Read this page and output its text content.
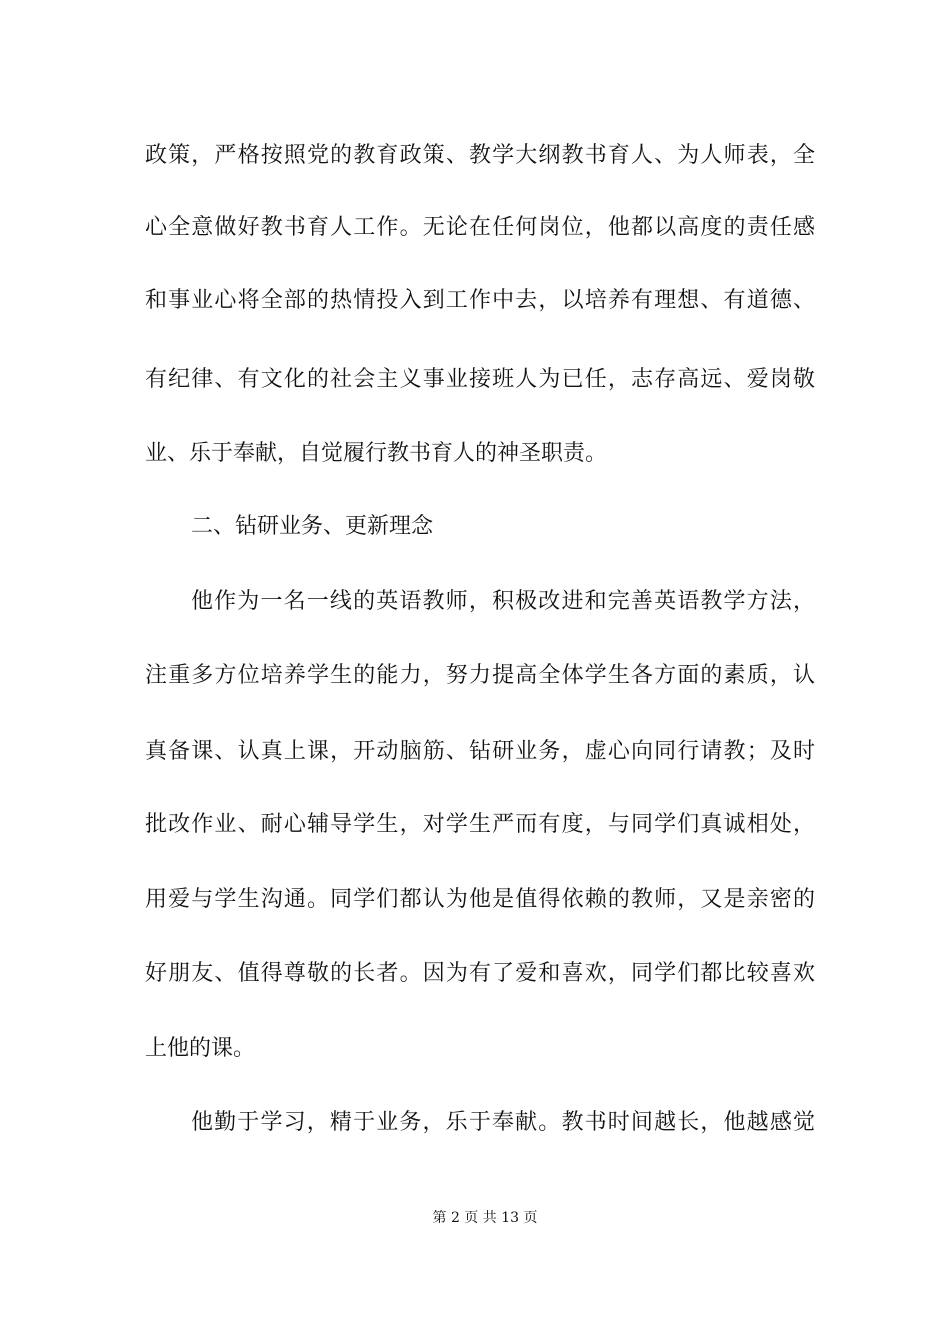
政策，严格按照党的教育政策、教学大纲教书育人、为人师表，全
心全意做好教书育人工作。无论在任何岗位，他都以高度的责任感
和事业心将全部的热情投入到工作中去，以培养有理想、有道德、
有纪律、有文化的社会主义事业接班人为已任，志存高远、爱岗敬
业、乐于奉献，自觉履行教书育人的神圣职责。
二、钻研业务、更新理念
他作为一名一线的英语教师，积极改进和完善英语教学方法，
注重多方位培养学生的能力，努力提高全体学生各方面的素质，认
真备课、认真上课，开动脑筋、钻研业务，虚心向同行请教；及时
批改作业、耐心辅导学生，对学生严而有度，与同学们真诚相处，
用爱与学生沟通。同学们都认为他是值得依赖的教师，又是亲密的
好朋友、值得尊敬的长者。因为有了爱和喜欢，同学们都比较喜欢
上他的课。
他勤于学习，精于业务，乐于奉献。教书时间越长，他越感觉
第 2 页 共 13 页
